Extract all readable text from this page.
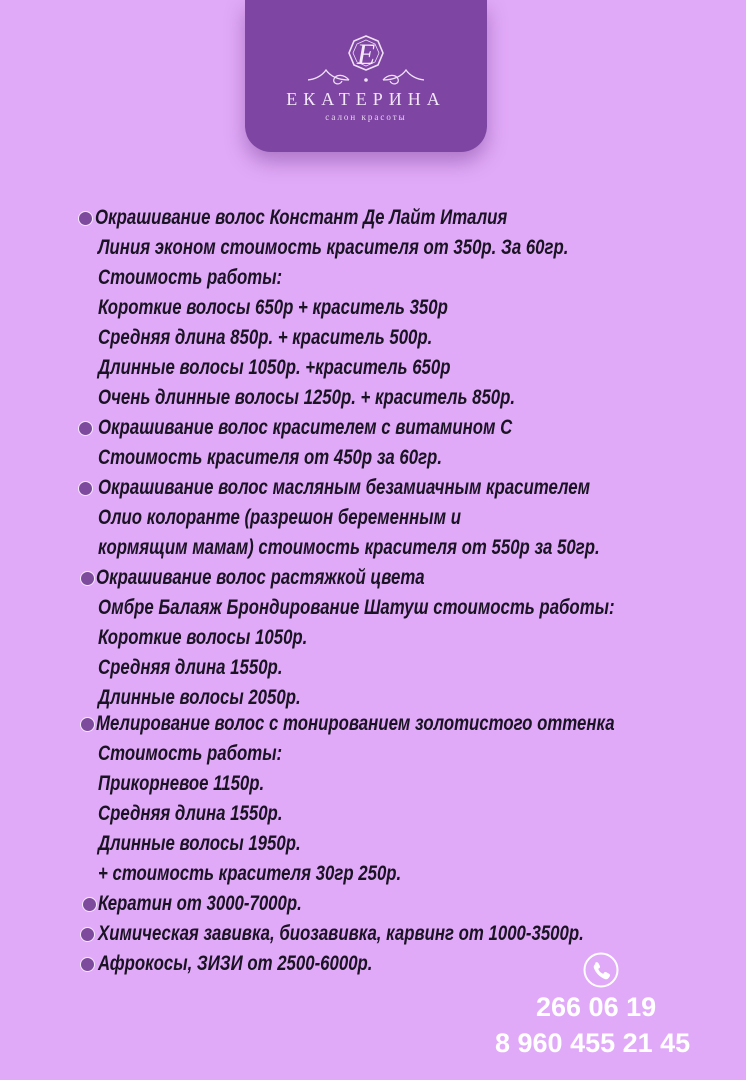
E
ЕКАТЕРИНА
салон красоты
Окрашивание волос Констант Де Лайт Италия
Линия эконом стоимость красителя от 350р. За 60гр.
Стоимость работы:
Короткие волосы 650р + краситель 350р
Средняя длина 850р. + краситель 500р.
Длинные волосы 1050р. +краситель 650р
Очень длинные волосы 1250р. + краситель 850р.
Окрашивание волос красителем с витамином С
Стоимость красителя от 450р за 60гр.
Окрашивание волос масляным безамиачным красителем
Олио колоранте (разрешон беременным и
кормящим мамам) стоимость красителя от 550р за 50гр.
Окрашивание волос растяжкой цвета
Омбре Балаяж Брондирование Шатуш стоимость работы:
Короткие волосы 1050р.
Средняя длина 1550р.
Длинные волосы 2050р.
Мелирование волос с тонированием золотистого оттенка
Стоимость работы:
Прикорневое 1150р.
Средняя длина 1550р.
Длинные волосы 1950р.
+ стоимость красителя 30гр 250р.
Кератин от 3000-7000р.
Химическая завивка, биозавивка, карвинг от 1000-3500р.
Афрокосы, ЗИЗИ от 2500-6000р.
266 06 19
8 960 455 21 45
